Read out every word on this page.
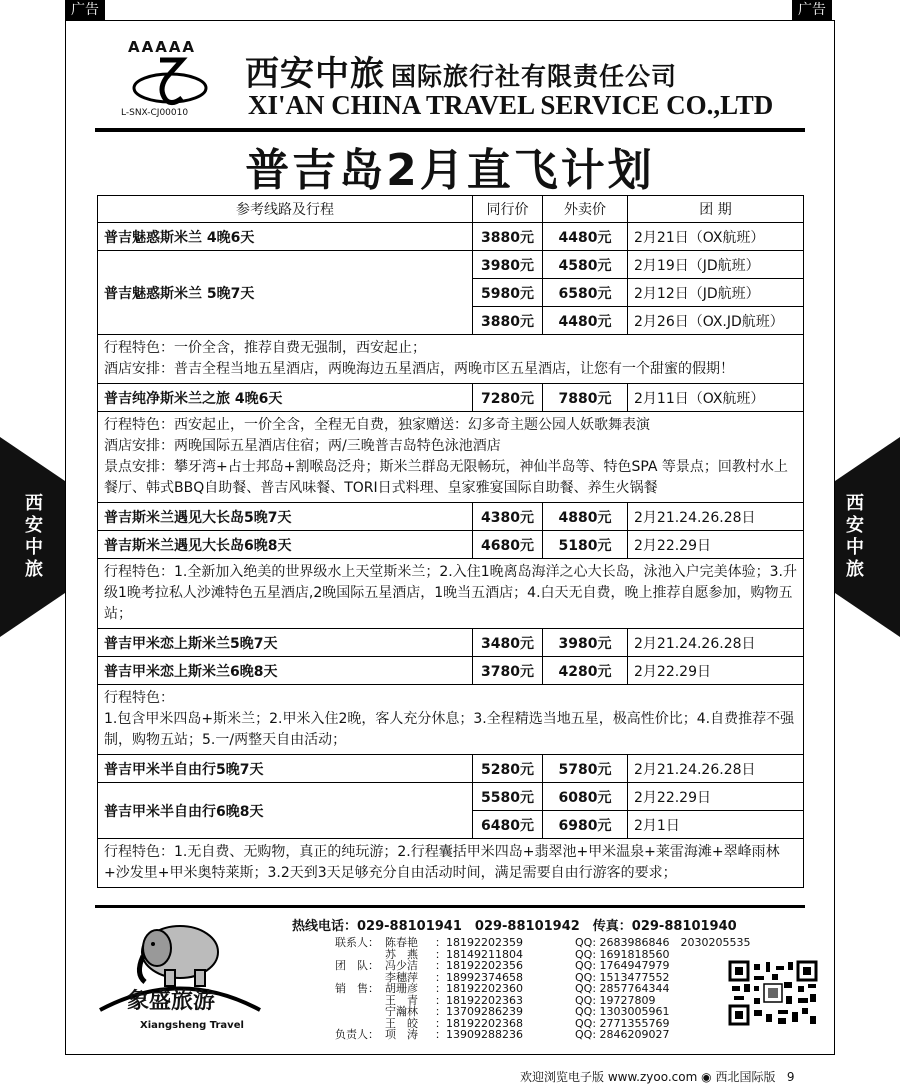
广告	广告
AAAAA
L-SNX-CJ00010
西安中旅 国际旅行社有限责任公司
XI'AN CHINA TRAVEL SERVICE CO.,LTD
普吉岛2月直飞计划
参考线路及行程	同行价	外卖价	团 期
普吉魅惑斯米兰 4晚6天	3880元	4480元	2月21日（OX航班）
普吉魅惑斯米兰 5晚7天	3980元	4580元	2月19日（JD航班）
	5980元	6580元	2月12日（JD航班）
	3880元	4480元	2月26日（OX.JD航班）

行程特色：一价全含，推荐自费无强制，西安起止；
酒店安排：普吉全程当地五星酒店，两晚海边五星酒店，两晚市区五星酒店，让您有一个甜蜜的假期！			

普吉纯净斯米兰之旅 4晚6天	7280元	7880元	2月11日（OX航班）

行程特色：西安起止，一价全含，全程无自费，独家赠送：幻多奇主题公园人妖歌舞表演
酒店安排：两晚国际五星酒店住宿；两/三晚普吉岛特色泳池酒店
景点安排：攀牙湾+占士邦岛+割喉岛泛舟；斯米兰群岛无限畅玩，神仙半岛等、特色SPA 等景点；回教村水上餐厅、韩式BBQ自助餐、普吉风味餐、TORI日式料理、皇家雅宴国际自助餐、养生火锅餐			

普吉斯米兰遇见大长岛5晚7天	4380元	4880元	2月21.24.26.28日
普吉斯米兰遇见大长岛6晚8天	4680元	5180元	2月22.29日
行程特色：1.全新加入绝美的世界级水上天堂斯米兰；2.入住1晚离岛海洋之心大长岛，泳池入户完美体验；3.升级1晚考拉私人沙滩特色五星酒店,2晚国际五星酒店，1晚当五酒店；4.白天无自费，晚上推荐自愿参加，购物五站；			
普吉甲米恋上斯米兰5晚7天	3480元	3980元	2月21.24.26.28日
普吉甲米恋上斯米兰6晚8天	3780元	4280元	2月22.29日

行程特色：
1.包含甲米四岛+斯米兰；2.甲米入住2晚，客人充分休息；3.全程精选当地五星，极高性价比；4.自费推荐不强制，购物五站；5.一/两整天自由活动；			

普吉甲米半自由行5晚7天	5280元	5780元	2月21.24.26.28日
普吉甲米半自由行6晚8天	5580元	6080元	2月22.29日
	6480元	6980元	2月1日
行程特色：1.无自费、无购物，真正的纯玩游；2.行程囊括甲米四岛+翡翠池+甲米温泉+莱雷海滩+翠峰雨林+沙发里+甲米奥特莱斯；3.2天到3天足够充分自由活动时间，满足需要自由行游客的要求；			
西安中旅
西安中旅
象盛旅游
Xiangsheng Travel
热线电话：029-88101941　029-88101942　传真：029-88101940
联系人： 陈春艳	：18192202359	QQ: 2683986846　2030205535
苏　燕	：18149211804	QQ: 1691818560
团　队： 冯少洁	：18192202356	QQ: 1764947979
李穗萍	：18992374658	QQ: 1513477552
销　售： 胡珊彦	：18192202360	QQ: 2857764344
王　青	：18192202363	QQ: 19727809
宁瀚林	：13709286239	QQ: 1303005961
王　皎	：18192202368	QQ: 2771355769
负责人： 项　涛	：13909288236	QQ: 2846209027
欢迎浏览电子版 www.zyoo.com ◉ 西北国际版 9
